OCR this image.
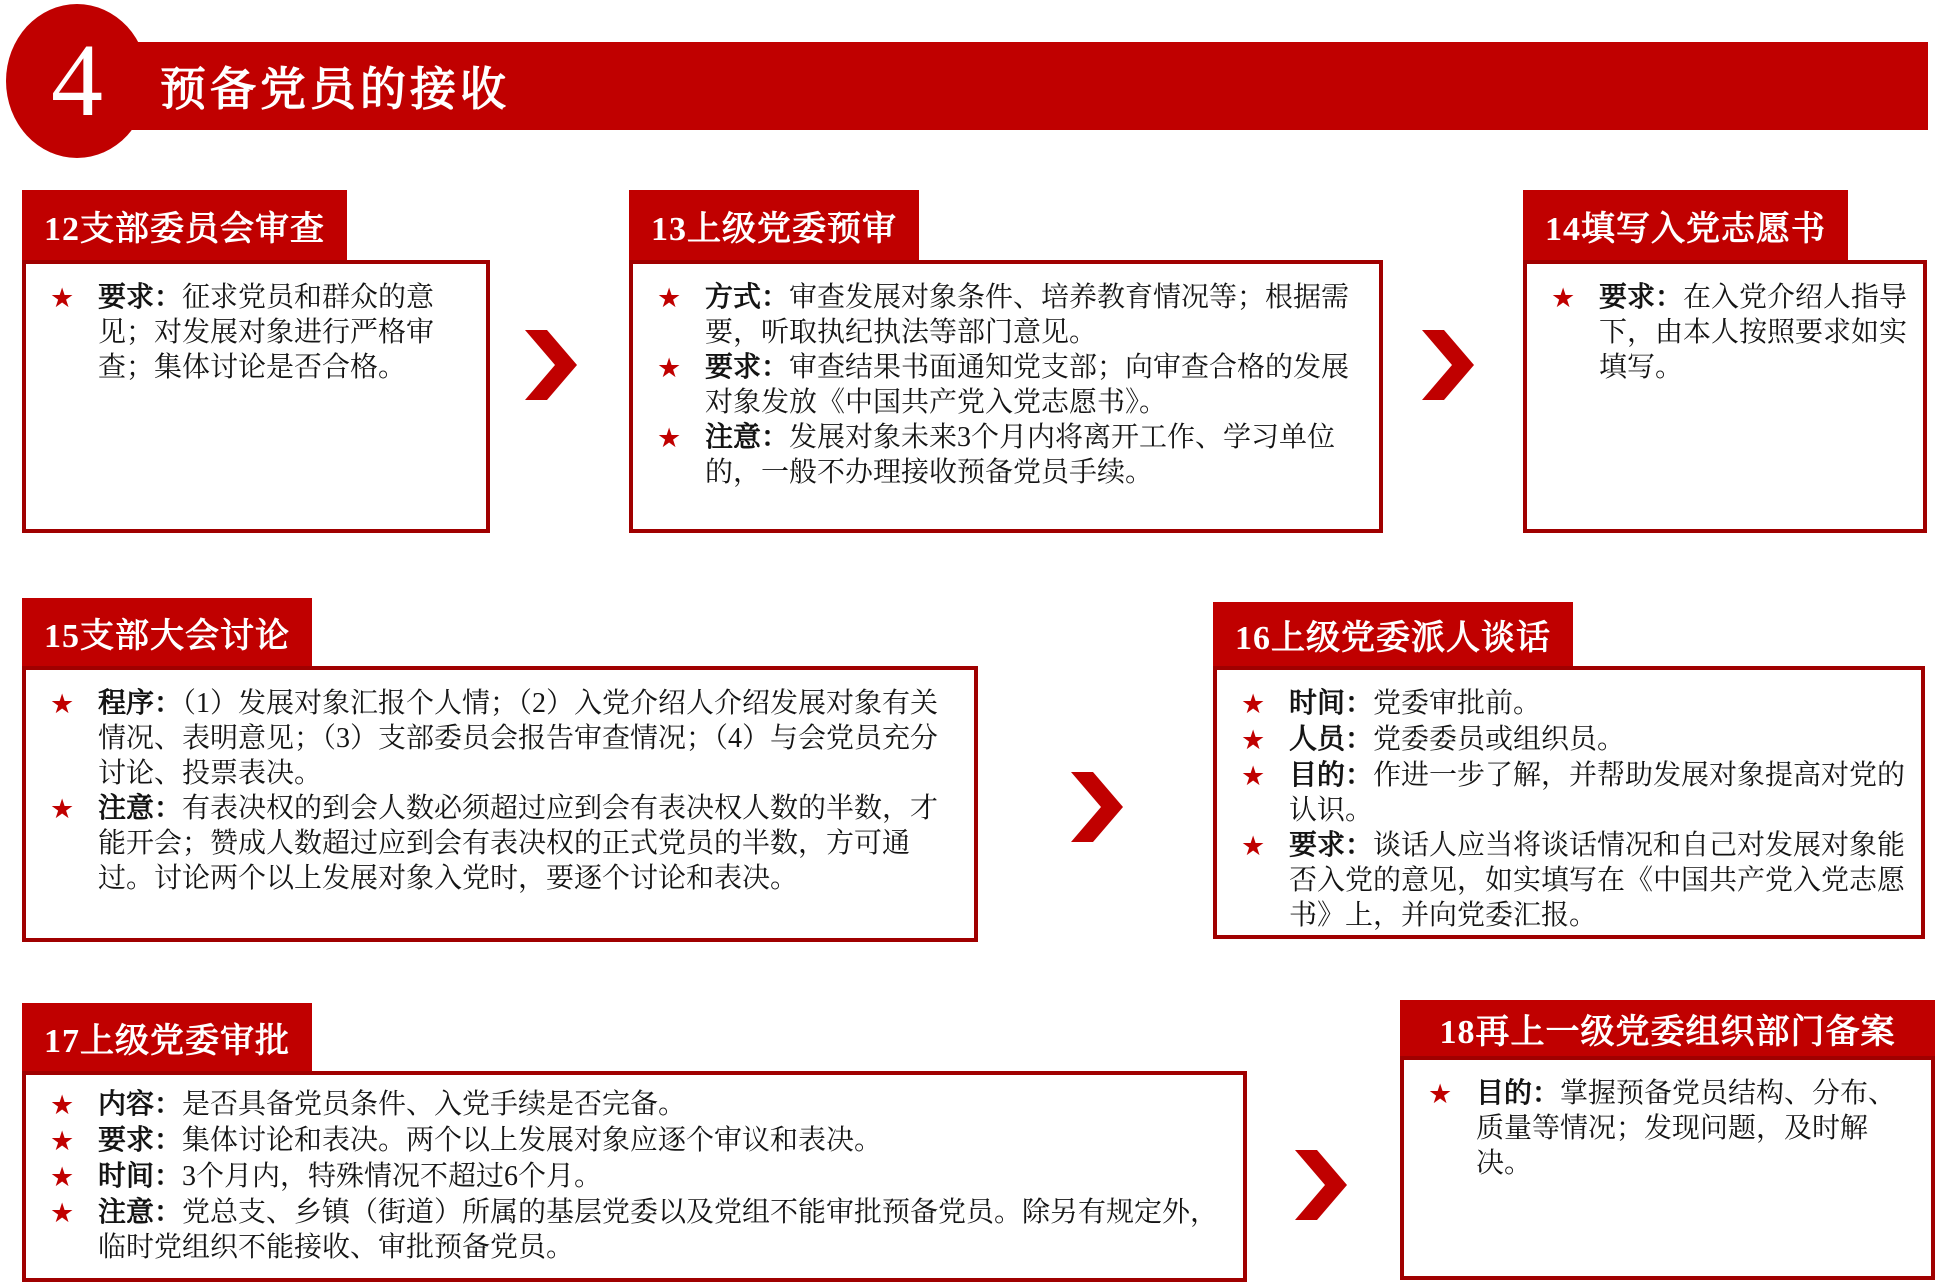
预备党员的接收
4
12支部委员会审查
★ 要求：征求党员和群众的意见；对发展对象进行严格审查；集体讨论是否合格。
13上级党委预审
★ 方式：审查发展对象条件、培养教育情况等；根据需要，听取执纪执法等部门意见。
★ 要求：审查结果书面通知党支部；向审查合格的发展对象发放《中国共产党入党志愿书》。
★ 注意：发展对象未来3个月内将离开工作、学习单位的，一般不办理接收预备党员手续。
14填写入党志愿书
★ 要求：在入党介绍人指导下，由本人按照要求如实填写。
15支部大会讨论
★ 程序：（1）发展对象汇报个人情；（2）入党介绍人介绍发展对象有关情况、表明意见；（3）支部委员会报告审查情况；（4）与会党员充分讨论、投票表决。
★ 注意：有表决权的到会人数必须超过应到会有表决权人数的半数，才能开会；赞成人数超过应到会有表决权的正式党员的半数，方可通过。讨论两个以上发展对象入党时，要逐个讨论和表决。
16上级党委派人谈话
★ 时间：党委审批前。
★ 人员：党委委员或组织员。
★ 目的：作进一步了解，并帮助发展对象提高对党的认识。
★ 要求：谈话人应当将谈话情况和自己对发展对象能否入党的意见，如实填写在《中国共产党入党志愿书》上，并向党委汇报。
17上级党委审批
★ 内容：是否具备党员条件、入党手续是否完备。
★ 要求：集体讨论和表决。两个以上发展对象应逐个审议和表决。
★ 时间：3个月内，特殊情况不超过6个月。
★ 注意：党总支、乡镇（街道）所属的基层党委以及党组不能审批预备党员。除另有规定外，临时党组织不能接收、审批预备党员。
18再上一级党委组织部门备案
★ 目的：掌握预备党员结构、分布、质量等情况；发现问题，及时解决。
